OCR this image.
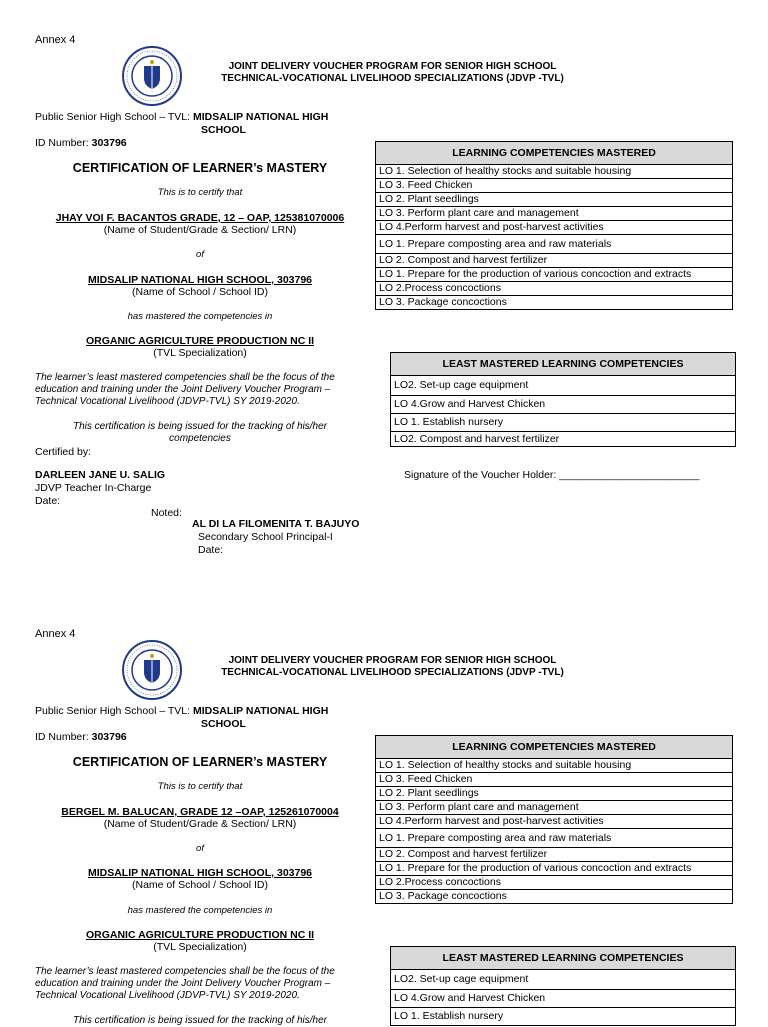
Annex 4
JOINT DELIVERY VOUCHER PROGRAM FOR SENIOR HIGH SCHOOL
TECHNICAL-VOCATIONAL LIVELIHOOD SPECIALIZATIONS (JDVP -TVL)
Public Senior High School – TVL: MIDSALIP NATIONAL HIGH
SCHOOL
ID Number: 303796
CERTIFICATION OF LEARNER’s MASTERY
This is to certify that
JHAY VOI F. BACANTOS GRADE, 12 – OAP, 125381070006
(Name of Student/Grade & Section/ LRN)
of
MIDSALIP NATIONAL HIGH SCHOOL, 303796
(Name of School / School ID)
has mastered the competencies in
ORGANIC AGRICULTURE PRODUCTION NC II
(TVL Specialization)
The learner’s least mastered competencies shall be the focus of the
education and training under the Joint Delivery Voucher Program –
Technical Vocational Livelihood (JDVP-TVL) SY 2019-2020.
This certification is being issued for the tracking of his/her
competencies
Certified by:
DARLEEN JANE U. SALIG
JDVP Teacher In-Charge
Date:
Noted:
AL DI LA FILOMENITA T. BAJUYO
Secondary School Principal-I
Date:
LEARNING COMPETENCIES MASTERED
LO 1. Selection of healthy stocks and suitable housing
LO 3. Feed Chicken
LO 2. Plant seedlings
LO 3. Perform plant care and management
LO 4.Perform harvest and post-harvest activities
LO 1. Prepare composting area and raw materials
LO 2. Compost and harvest fertilizer
LO 1. Prepare for the production of various concoction and extracts
LO 2.Process concoctions
LO 3. Package concoctions
LEAST MASTERED LEARNING COMPETENCIES
LO2. Set-up cage equipment
LO 4.Grow and Harvest Chicken
LO 1. Establish nursery
LO2. Compost and harvest fertilizer
Signature of the Voucher Holder: ________________________
Annex 4
JOINT DELIVERY VOUCHER PROGRAM FOR SENIOR HIGH SCHOOL
TECHNICAL-VOCATIONAL LIVELIHOOD SPECIALIZATIONS (JDVP -TVL)
Public Senior High School – TVL: MIDSALIP NATIONAL HIGH
SCHOOL
ID Number: 303796
CERTIFICATION OF LEARNER’s MASTERY
This is to certify that
BERGEL M. BALUCAN, GRADE 12 –OAP, 125261070004
(Name of Student/Grade & Section/ LRN)
of
MIDSALIP NATIONAL HIGH SCHOOL, 303796
(Name of School / School ID)
has mastered the competencies in
ORGANIC AGRICULTURE PRODUCTION NC II
(TVL Specialization)
The learner’s least mastered competencies shall be the focus of the
education and training under the Joint Delivery Voucher Program –
Technical Vocational Livelihood (JDVP-TVL) SY 2019-2020.
This certification is being issued for the tracking of his/her
LEARNING COMPETENCIES MASTERED
LO 1. Selection of healthy stocks and suitable housing
LO 3. Feed Chicken
LO 2. Plant seedlings
LO 3. Perform plant care and management
LO 4.Perform harvest and post-harvest activities
LO 1. Prepare composting area and raw materials
LO 2. Compost and harvest fertilizer
LO 1. Prepare for the production of various concoction and extracts
LO 2.Process concoctions
LO 3. Package concoctions
LEAST MASTERED LEARNING COMPETENCIES
LO2. Set-up cage equipment
LO 4.Grow and Harvest Chicken
LO 1. Establish nursery
